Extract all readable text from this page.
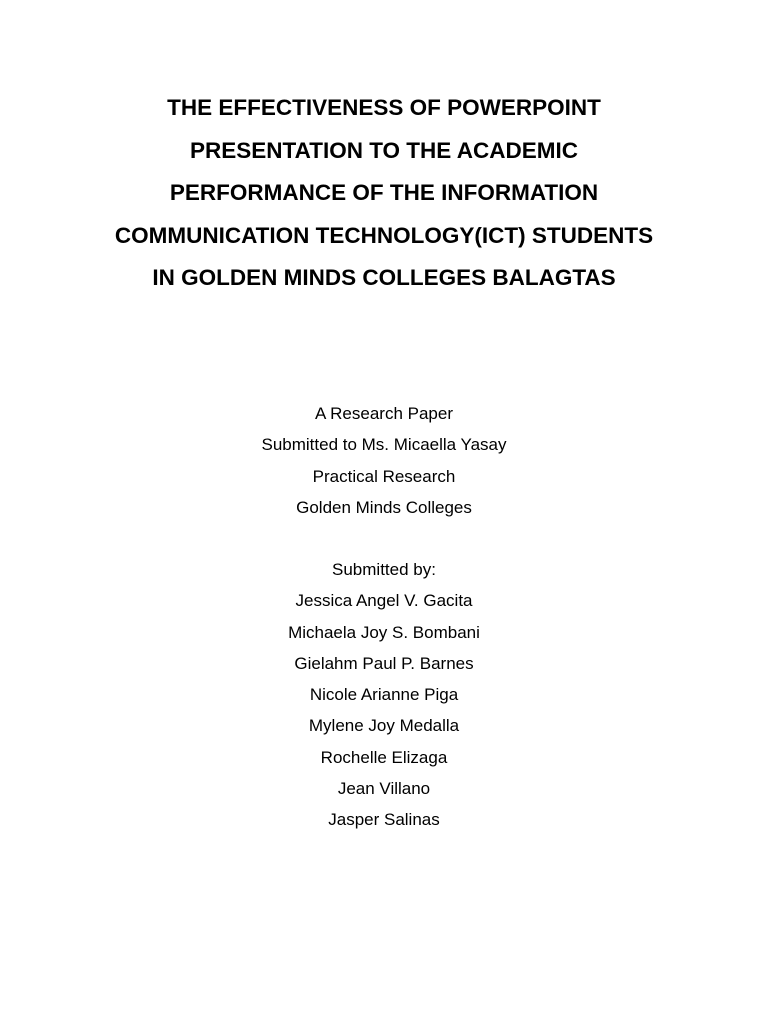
THE EFFECTIVENESS OF POWERPOINT
PRESENTATION TO THE ACADEMIC
PERFORMANCE OF THE INFORMATION
COMMUNICATION TECHNOLOGY(ICT) STUDENTS
IN GOLDEN MINDS COLLEGES BALAGTAS
A Research Paper
Submitted to Ms. Micaella Yasay
Practical Research
Golden Minds Colleges
Submitted by:
Jessica Angel V. Gacita
Michaela Joy S. Bombani
Gielahm Paul P. Barnes
Nicole Arianne Piga
Mylene Joy Medalla
Rochelle Elizaga
Jean Villano
Jasper Salinas
